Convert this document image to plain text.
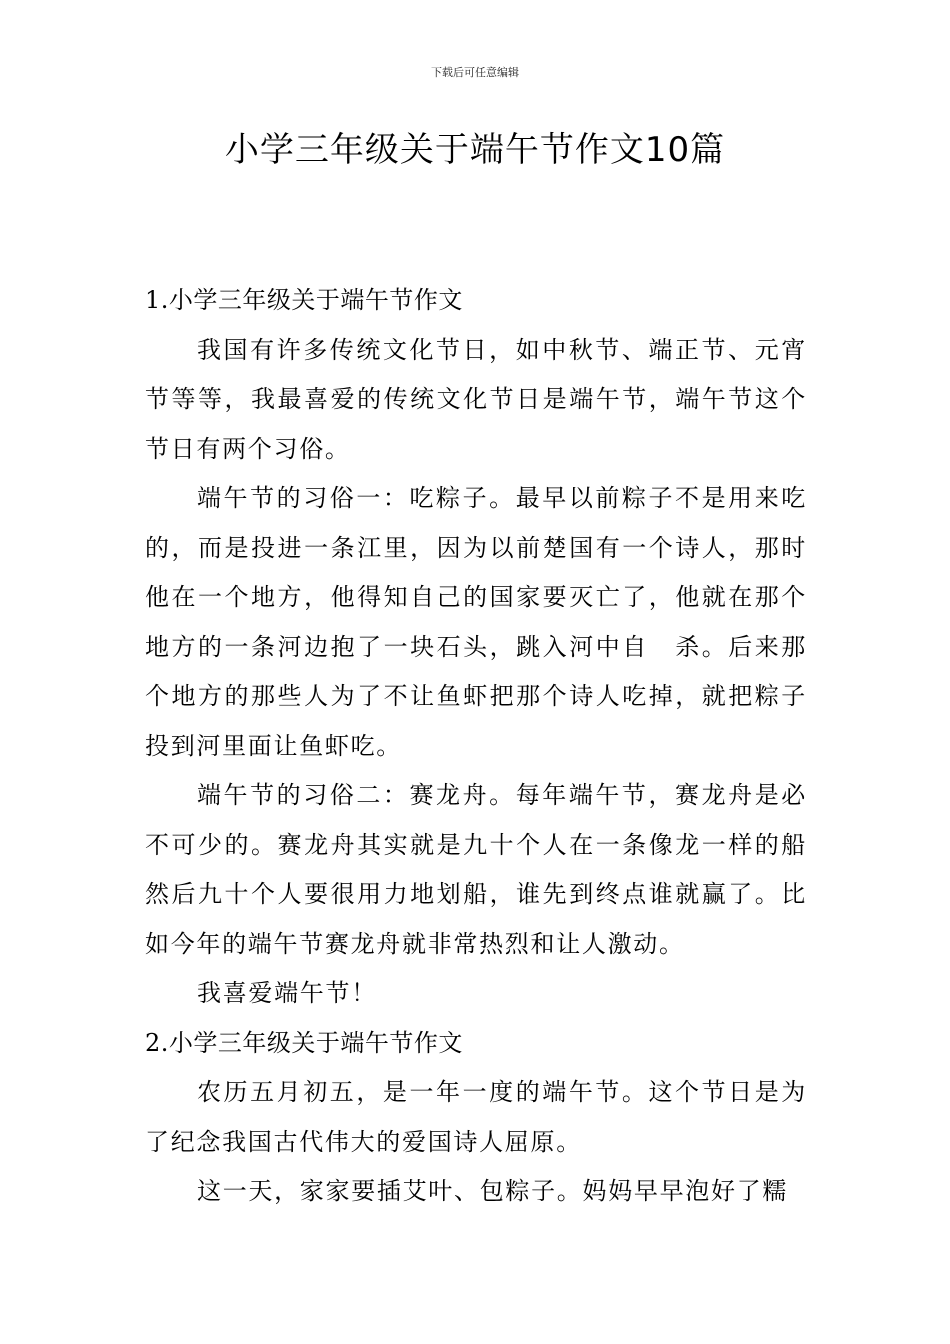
下载后可任意编辑
小学三年级关于端午节作文10篇

1.小学三年级关于端午节作文

我国有许多传统文化节日，如中秋节、端正节、元宵节等等，我最喜爱的传统文化节日是端午节，端午节这个节日有两个习俗。

端午节的习俗一：吃粽子。最早以前粽子不是用来吃的，而是投进一条江里，因为以前楚国有一个诗人，那时他在一个地方，他得知自己的国家要灭亡了，他就在那个地方的一条河边抱了一块石头，跳入河中自　杀。后来那个地方的那些人为了不让鱼虾把那个诗人吃掉，就把粽子投到河里面让鱼虾吃。

端午节的习俗二：赛龙舟。每年端午节，赛龙舟是必不可少的。赛龙舟其实就是九十个人在一条像龙一样的船然后九十个人要很用力地划船，谁先到终点谁就赢了。比如今年的端午节赛龙舟就非常热烈和让人激动。

我喜爱端午节！

2.小学三年级关于端午节作文

农历五月初五，是一年一度的端午节。这个节日是为了纪念我国古代伟大的爱国诗人屈原。

这一天，家家要插艾叶、包粽子。妈妈早早泡好了糯
